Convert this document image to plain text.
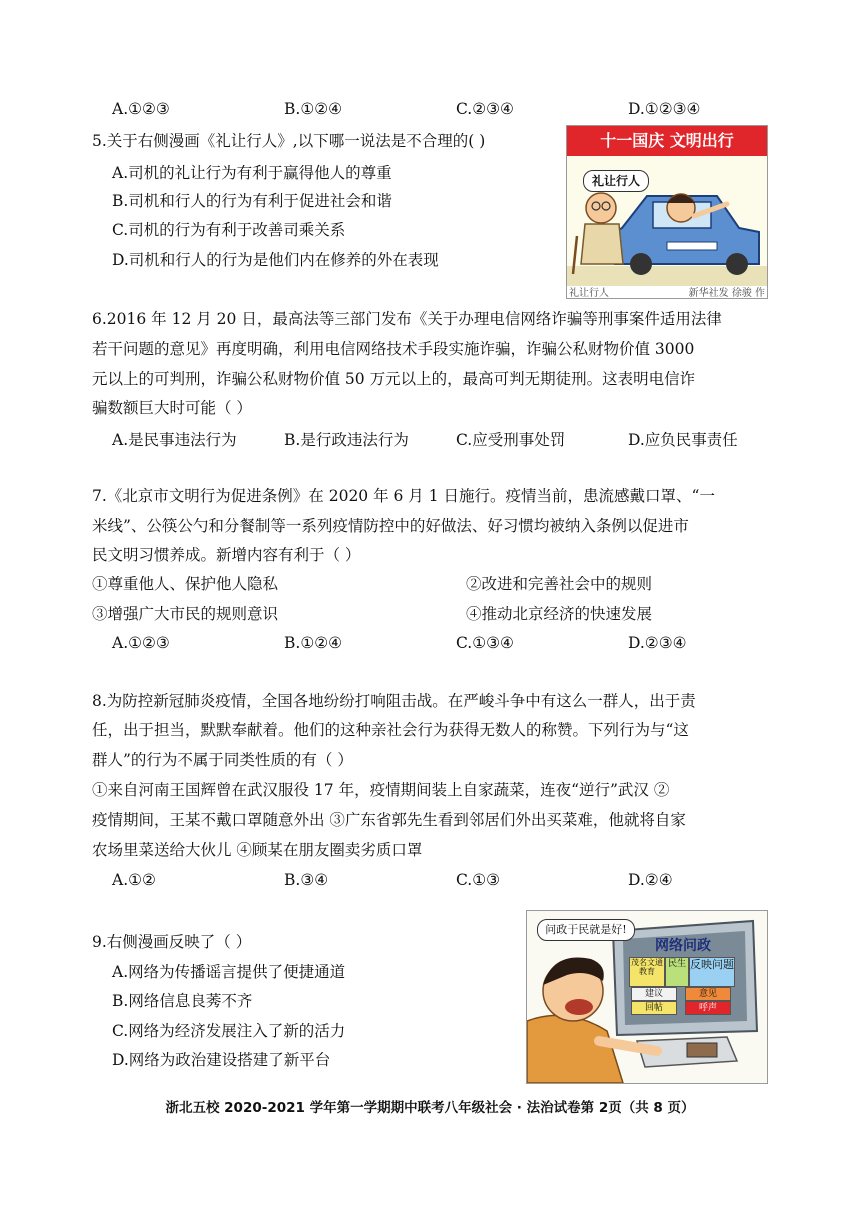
A.①②③	B.①②④	C.②③④	D.①②③④
5.关于右侧漫画《礼让行人》,以下哪一说法是不合理的( )
A.司机的礼让行为有利于赢得他人的尊重
B.司机和行人的行为有利于促进社会和谐
C.司机的行为有利于改善司乘关系
D.司机和行人的行为是他们内在修养的外在表现
十一国庆 文明出行
礼让行人
礼让行人	新华社发 徐骏 作
6.2016 年 12 月 20 日，最高法等三部门发布《关于办理电信网络诈骗等刑事案件适用法律
若干问题的意见》再度明确，利用电信网络技术手段实施诈骗，诈骗公私财物价值 3000
元以上的可判刑，诈骗公私财物价值 50 万元以上的，最高可判无期徒刑。这表明电信诈
骗数额巨大时可能（ ）
A.是民事违法行为	B.是行政违法行为	C.应受刑事处罚	D.应负民事责任
7.《北京市文明行为促进条例》在 2020 年 6 月 1 日施行。疫情当前，患流感戴口罩、“一
米线”、公筷公勺和分餐制等一系列疫情防控中的好做法、好习惯均被纳入条例以促进市
民文明习惯养成。新增内容有利于（ ）
①尊重他人、保护他人隐私	②改进和完善社会中的规则
③增强广大市民的规则意识	④推动北京经济的快速发展
A.①②③	B.①②④	C.①③④	D.②③④
8.为防控新冠肺炎疫情，全国各地纷纷打响阻击战。在严峻斗争中有这么一群人，出于责
任，出于担当，默默奉献着。他们的这种亲社会行为获得无数人的称赞。下列行为与“这
群人”的行为不属于同类性质的有（ ）
①来自河南王国辉曾在武汉服役 17 年，疫情期间装上自家蔬菜，连夜“逆行”武汉 ②
疫情期间，王某不戴口罩随意外出 ③广东省郭先生看到邻居们外出买菜难，他就将自家
农场里菜送给大伙儿 ④顾某在朋友圈卖劣质口罩
A.①②	B.③④	C.①③	D.②④
9.右侧漫画反映了（ ）
A.网络为传播谣言提供了便捷通道
B.网络信息良莠不齐
C.网络为经济发展注入了新的活力
D.网络为政治建设搭建了新平台
问政于民就是好!
网络问政
茂名文通教育
民生 反映问题
建议	意见
回帖	呼声
浙北五校 2020-2021 学年第一学期期中联考八年级社会 · 法治试卷第 2页（共 8 页）
